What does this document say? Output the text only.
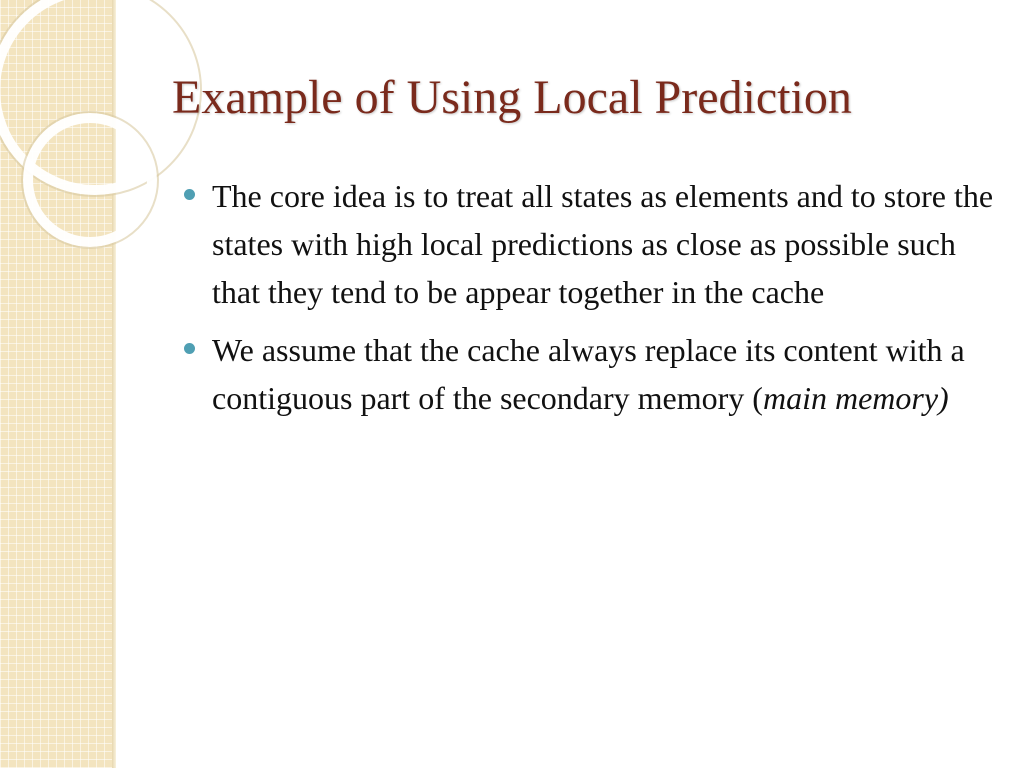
Example of Using Local Prediction
The core idea is to treat all states as elements and to store the states with high local predictions as close as possible such that they tend to be appear together in the cache
We assume that the cache always replace its content with a contiguous part of the secondary memory (main memory)
